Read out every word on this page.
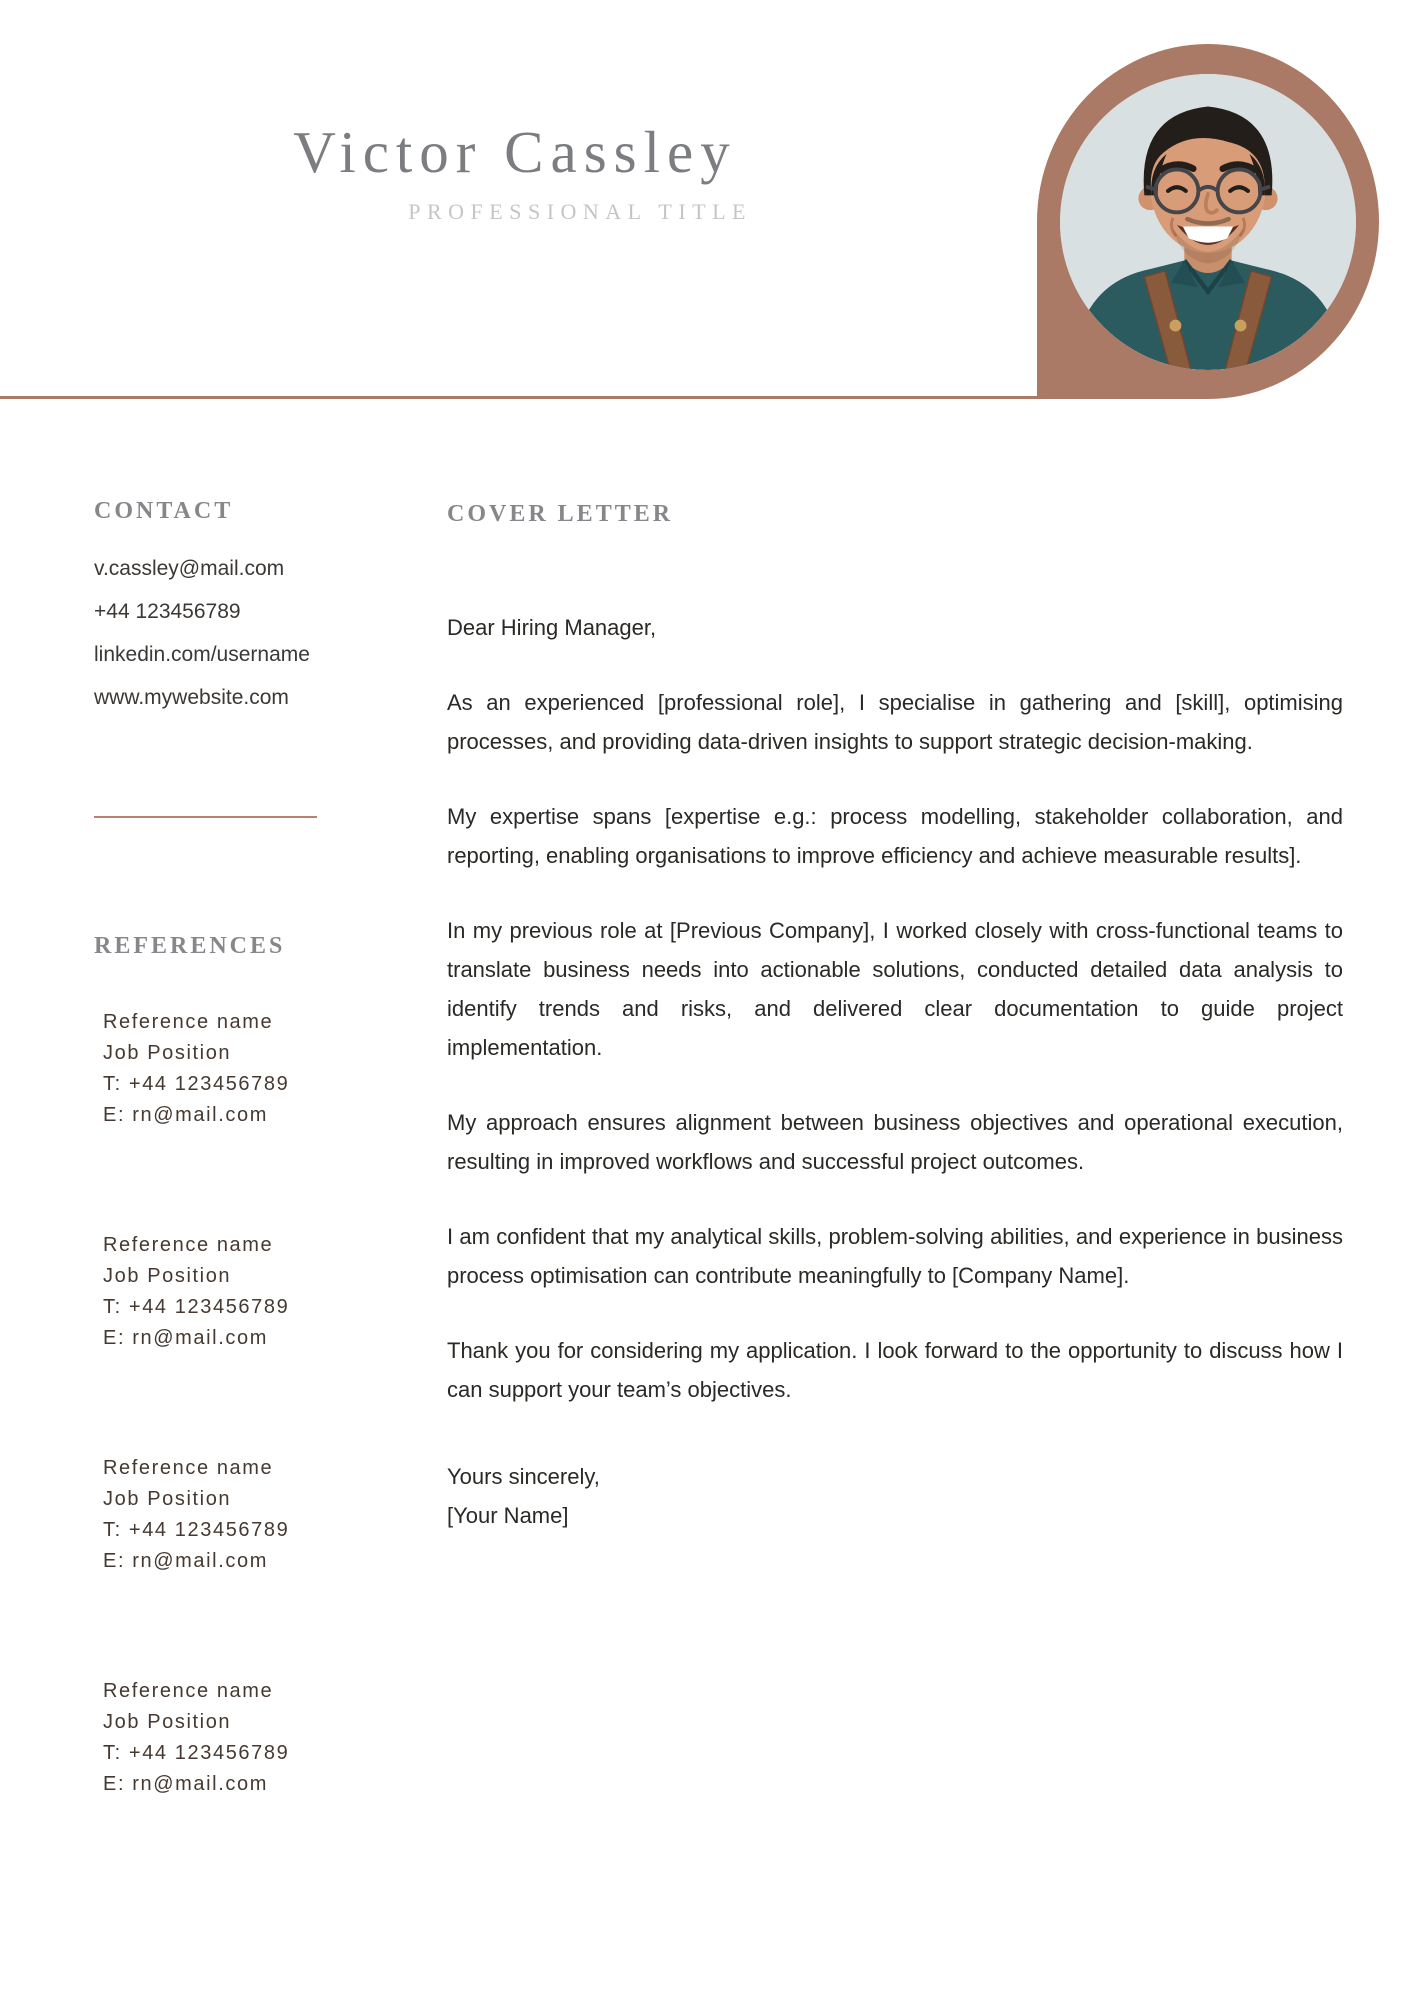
Victor Cassley
PROFESSIONAL TITLE
CONTACT
v.cassley@mail.com
+44 123456789
linkedin.com/username
www.mywebsite.com
REFERENCES
Reference name
Job Position
T: +44 123456789
E: rn@mail.com
Reference name
Job Position
T: +44 123456789
E: rn@mail.com
Reference name
Job Position
T: +44 123456789
E: rn@mail.com
Reference name
Job Position
T: +44 123456789
E: rn@mail.com
COVER LETTER

Dear Hiring Manager,

As an experienced [professional role], I specialise in gathering and [skill], optimising processes, and providing data-driven insights to support strategic decision-making.

My expertise spans [expertise e.g.: process modelling, stakeholder collaboration, and reporting, enabling organisations to improve efficiency and achieve measurable results].

In my previous role at [Previous Company], I worked closely with cross-functional teams to translate business needs into actionable solutions, conducted detailed data analysis to identify trends and risks, and delivered clear documentation to guide project implementation.

My approach ensures alignment between business objectives and operational execution, resulting in improved workflows and successful project outcomes.

I am confident that my analytical skills, problem-solving abilities, and experience in business process optimisation can contribute meaningfully to [Company Name].

Thank you for considering my application. I look forward to the opportunity to discuss how I can support your team’s objectives.

Yours sincerely,

[Your Name]
